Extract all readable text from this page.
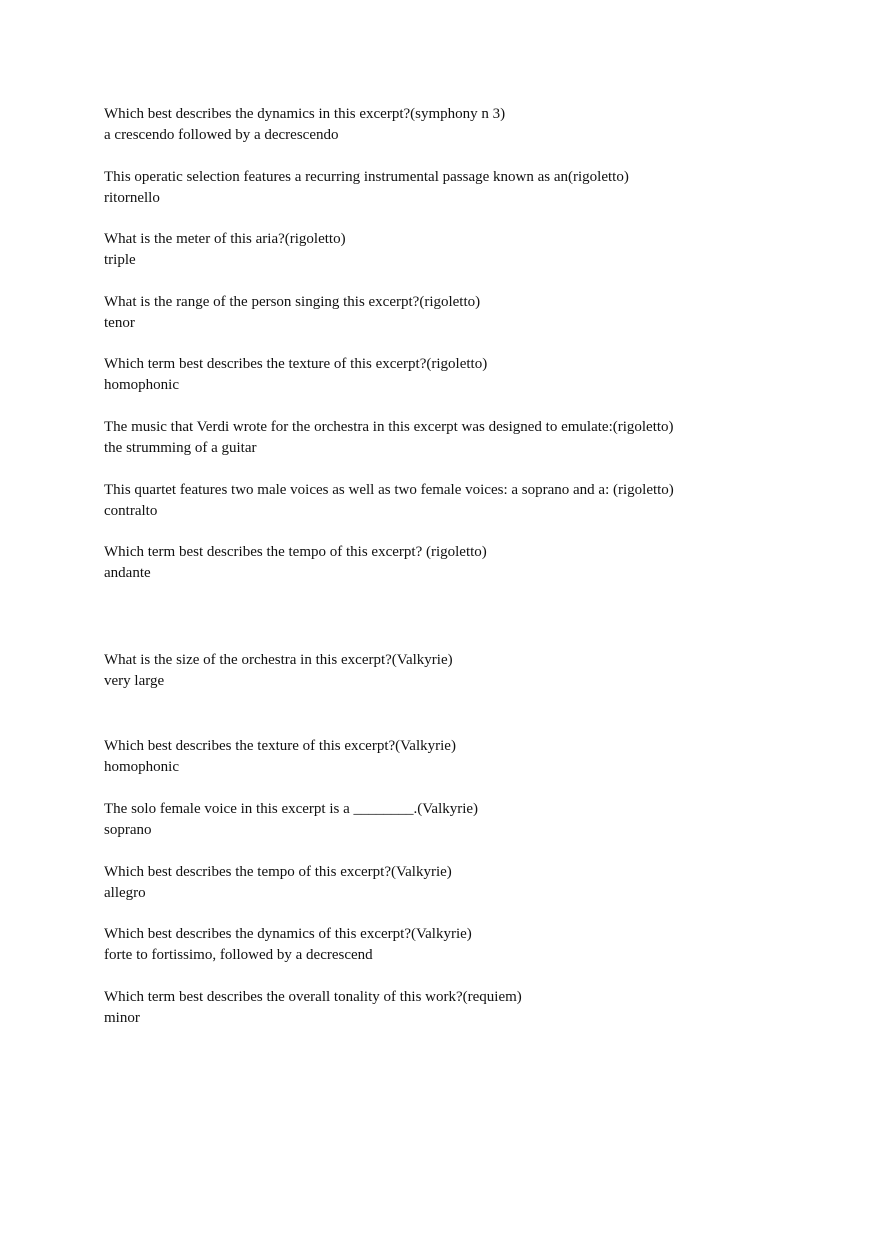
Which best describes the dynamics in this excerpt?(symphony n 3)
a crescendo followed by a decrescendo
This operatic selection features a recurring instrumental passage known as an(rigoletto)
ritornello
What is the meter of this aria?(rigoletto)
triple
What is the range of the person singing this excerpt?(rigoletto)
tenor
Which term best describes the texture of this excerpt?(rigoletto)
homophonic
The music that Verdi wrote for the orchestra in this excerpt was designed to emulate:(rigoletto)
the strumming of a guitar
This quartet features two male voices as well as two female voices: a soprano and a: (rigoletto)
contralto
Which term best describes the tempo of this excerpt? (rigoletto)
andante
What is the size of the orchestra in this excerpt?(Valkyrie)
very large
Which best describes the texture of this excerpt?(Valkyrie)
homophonic
The solo female voice in this excerpt is a ________.(Valkyrie)
soprano
Which best describes the tempo of this excerpt?(Valkyrie)
allegro
Which best describes the dynamics of this excerpt?(Valkyrie)
forte to fortissimo, followed by a decrescend
Which term best describes the overall tonality of this work?(requiem)
minor
